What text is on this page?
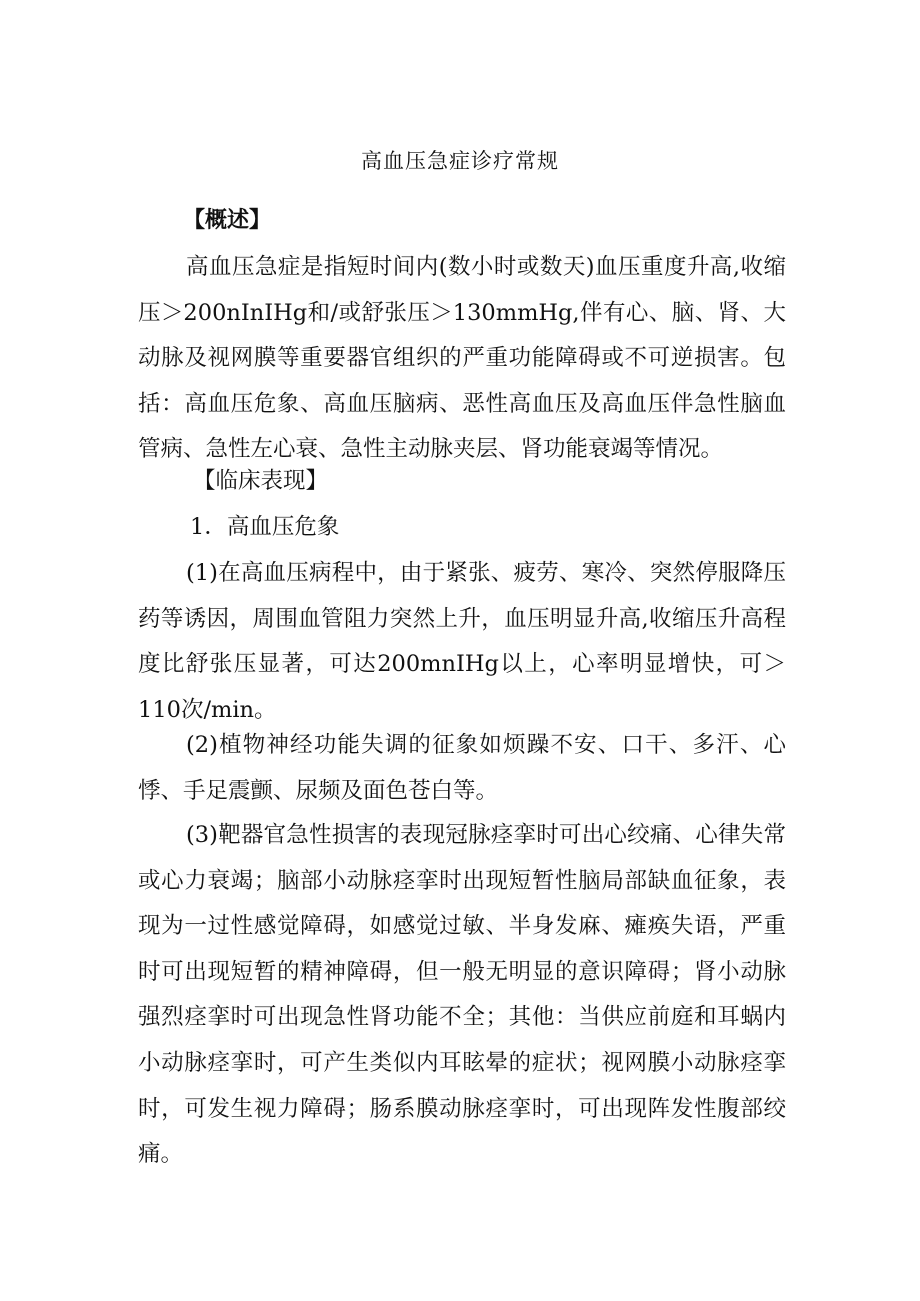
高血压急症诊疗常规

【概述】

高血压急症是指短时间内(数小时或数天)血压重度升高,收缩压＞200nInIHg和/或舒张压＞130mmHg,伴有心、脑、肾、大动脉及视网膜等重要器官组织的严重功能障碍或不可逆损害。包括：高血压危象、高血压脑病、恶性高血压及高血压伴急性脑血管病、急性左心衰、急性主动脉夹层、肾功能衰竭等情况。

【临床表现】

1．高血压危象

(1)在高血压病程中，由于紧张、疲劳、寒冷、突然停服降压药等诱因，周围血管阻力突然上升，血压明显升高,收缩压升高程度比舒张压显著，可达200mnIHg以上，心率明显增快，可＞110次/min。

(2)植物神经功能失调的征象如烦躁不安、口干、多汗、心悸、手足震颤、尿频及面色苍白等。

(3)靶器官急性损害的表现冠脉痉挛时可出心绞痛、心律失常或心力衰竭；脑部小动脉痉挛时出现短暂性脑局部缺血征象，表现为一过性感觉障碍，如感觉过敏、半身发麻、瘫痪失语，严重时可出现短暂的精神障碍，但一般无明显的意识障碍；肾小动脉强烈痉挛时可出现急性肾功能不全；其他：当供应前庭和耳蜗内小动脉痉挛时，可产生类似内耳眩晕的症状；视网膜小动脉痉挛时，可发生视力障碍；肠系膜动脉痉挛时，可出现阵发性腹部绞痛。
